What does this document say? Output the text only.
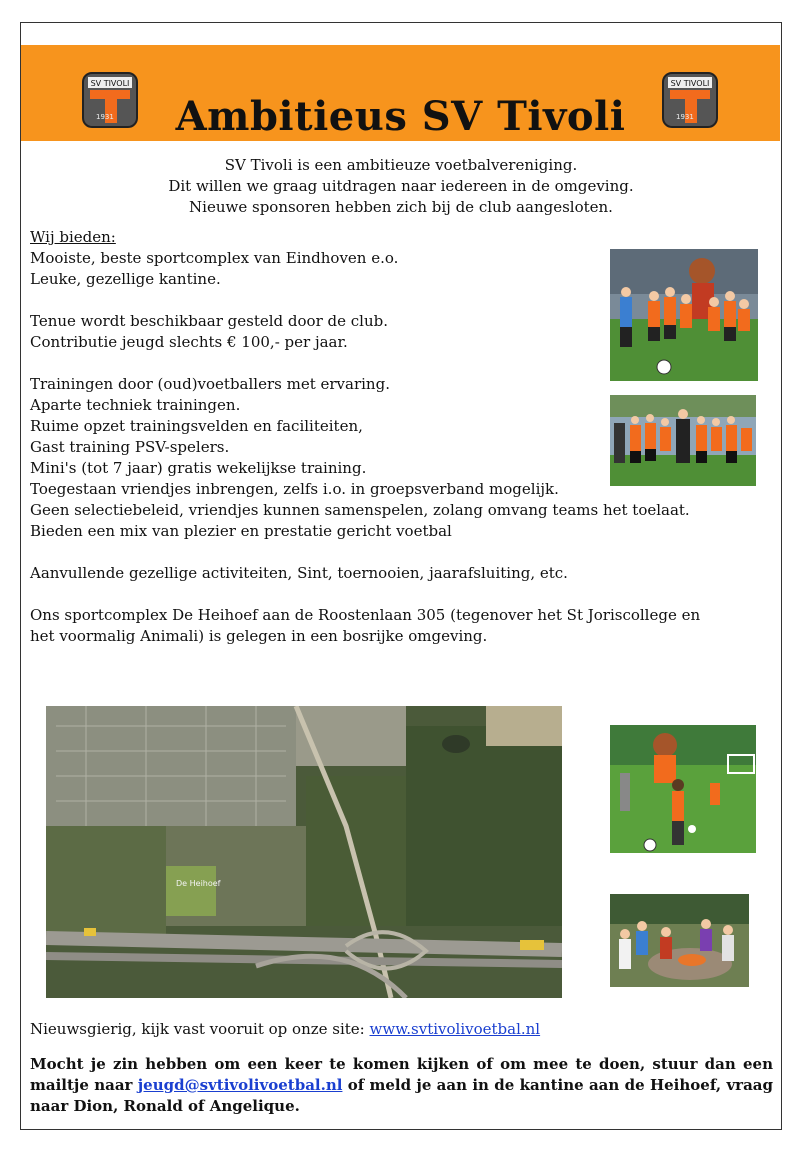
SV TIVOLI
1931	Ambitieus SV Tivoli
SV TIVOLI
1931
SV Tivoli is een ambitieuze voetbalvereniging.
Dit willen we graag uitdragen naar iedereen in de omgeving.
Nieuwe sponsoren hebben zich bij de club aangesloten.
Wij bieden:
Mooiste, beste sportcomplex van Eindhoven e.o.
Leuke, gezellige kantine.
Tenue wordt beschikbaar gesteld door de club.
Contributie jeugd slechts € 100,- per jaar.
Trainingen door (oud)voetballers met ervaring.
Aparte techniek trainingen.
Ruime opzet trainingsvelden en faciliteiten,
Gast training PSV-spelers.
Mini's (tot 7 jaar) gratis wekelijkse training.
Toegestaan vriendjes inbrengen, zelfs i.o. in groepsverband mogelijk.
Geen selectiebeleid, vriendjes kunnen samenspelen, zolang omvang teams het toelaat.
Bieden een mix van plezier en prestatie gericht voetbal
Aanvullende gezellige activiteiten, Sint, toernooien, jaarafsluiting, etc.
Ons sportcomplex De Heihoef aan de Roostenlaan 305 (tegenover het St Joriscollege en
het voormalig Animali) is gelegen in een bosrijke omgeving.
De Heihoef
Nieuwsgierig, kijk vast vooruit op onze site: www.svtivolivoetbal.nl
Mocht je zin hebben om een keer te komen kijken of om mee te doen, stuur dan een mailtje naar jeugd@svtivolivoetbal.nl of meld je aan in de kantine aan de Heihoef, vraag naar Dion, Ronald of Angelique.
